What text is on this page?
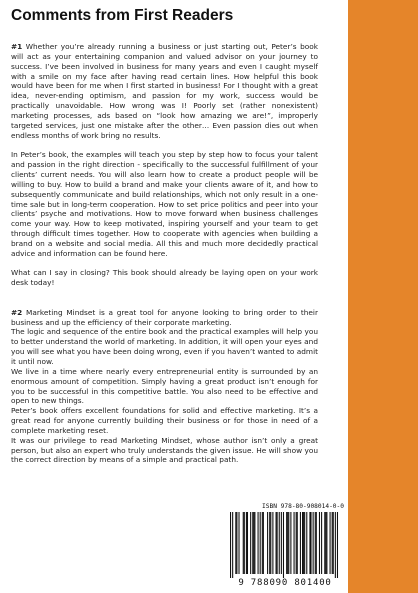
Comments from First Readers

#1 Whether you’re already running a business or just starting out, Peter’s book will act as your entertaining companion and valued advisor on your journey to success. I’ve been involved in business for many years and even I caught myself with a smile on my face after having read certain lines. How helpful this book would have been for me when I first started in business! For I thought with a great idea, never-ending optimism, and passion for my work, success would be practically unavoidable. How wrong was I! Poorly set (rather nonexistent) marketing processes, ads based on “look how amazing we are!”, improperly targeted services, just one mistake after the other… Even passion dies out when endless months of work bring no results.

In Peter’s book, the examples will teach you step by step how to focus your talent and passion in the right direction - specifically to the successful fulfillment of your clients’ current needs. You will also learn how to create a product people will be willing to buy. How to build a brand and make your clients aware of it, and how to subsequently communicate and build relationships, which not only result in a one-time sale but in long-term cooperation. How to set price politics and peer into your clients’ psyche and motivations. How to move forward when business challenges come your way. How to keep motivated, inspiring yourself and your team to get through difficult times together. How to cooperate with agencies when building a brand on a website and social media. All this and much more decidedly practical advice and information can be found here.

What can I say in closing? This book should already be laying open on your work desk today!

#2 Marketing Mindset is a great tool for anyone looking to bring order to their business and up the efficiency of their corporate marketing.

The logic and sequence of the entire book and the practical examples will help you to better understand the world of marketing. In addition, it will open your eyes and you will see what you have been doing wrong, even if you haven’t wanted to admit it until now.

We live in a time where nearly every entrepreneurial entity is surrounded by an enormous amount of competition. Simply having a great product isn’t enough for you to be successful in this competitive battle. You also need to be effective and open to new things.

Peter’s book offers excellent foundations for solid and effective marketing. It’s a great read for anyone currently building their business or for those in need of a complete marketing reset.

It was our privilege to read Marketing Mindset, whose author isn’t only a great person, but also an expert who truly understands the given issue. He will show you the correct direction by means of a simple and practical path.

ISBN 978-80-908014-0-0
9 788090 801400
